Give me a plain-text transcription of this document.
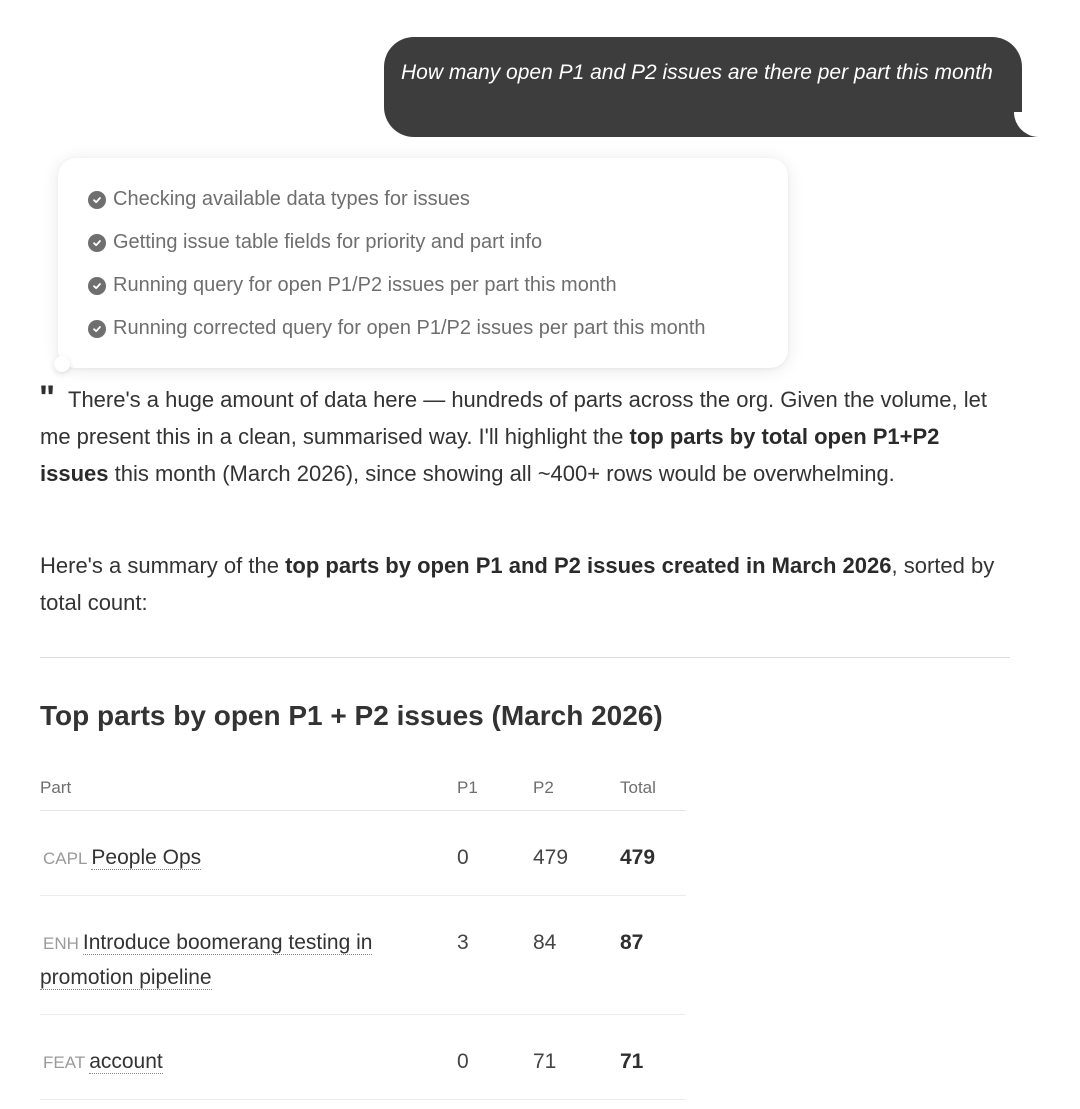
How many open P1 and P2 issues are there per part this month
Checking available data types for issues
Getting issue table fields for priority and part info
Running query for open P1/P2 issues per part this month
Running corrected query for open P1/P2 issues per part this month
" There's a huge amount of data here — hundreds of parts across the org. Given the volume, let me present this in a clean, summarised way. I'll highlight the top parts by total open P1+P2 issues this month (March 2026), since showing all ~400+ rows would be overwhelming.
Here's a summary of the top parts by open P1 and P2 issues created in March 2026, sorted by total count:
Top parts by open P1 + P2 issues (March 2026)
Part	P1	P2	Total
CAPL People Ops	0	479	479
ENH Introduce boomerang testing in promotion pipeline	3	84	87
FEAT account	0	71	71
